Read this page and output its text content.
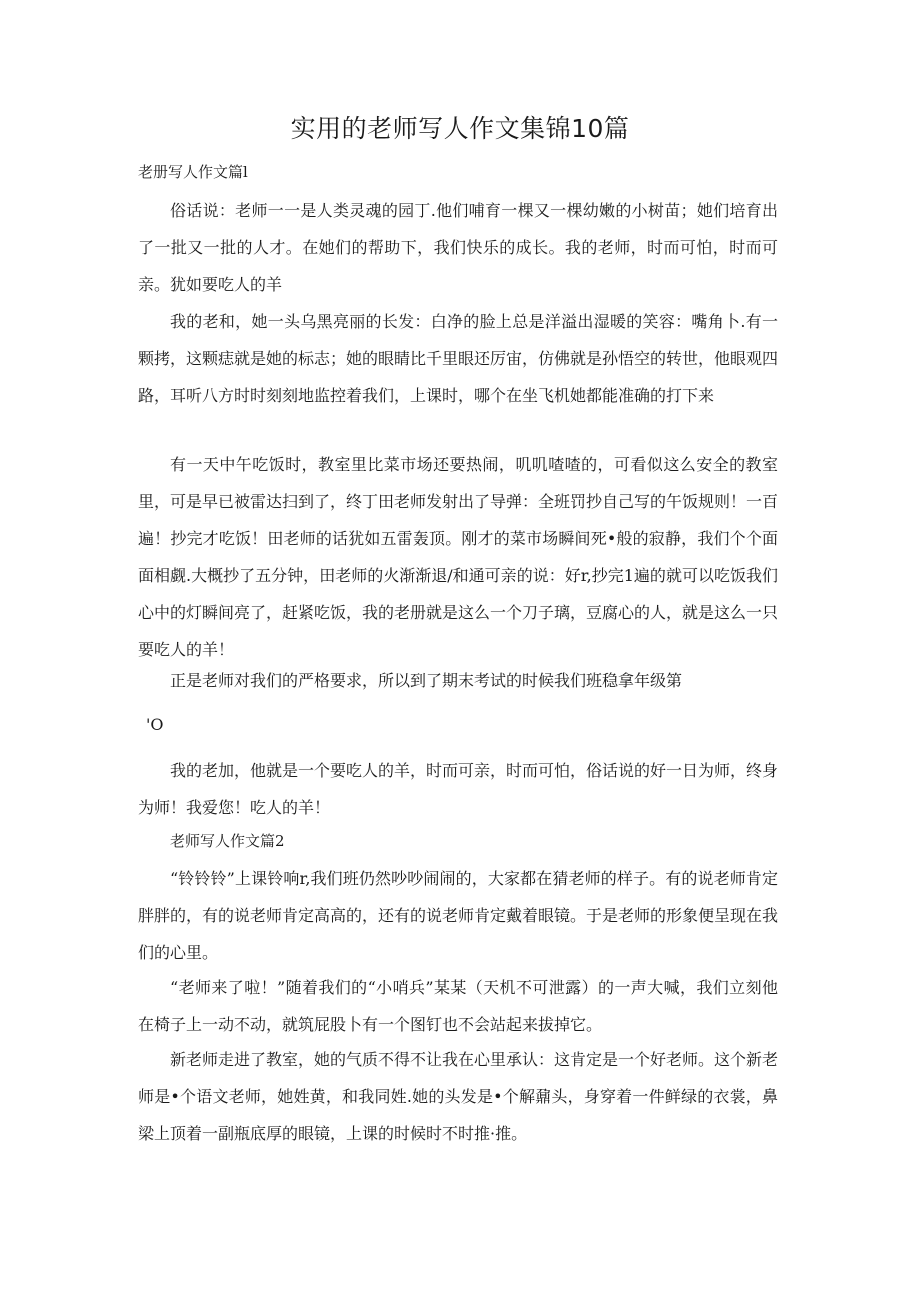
实用的老师写人作文集锦10篇
老册写人作文篇l

俗话说：老师一一是人类灵魂的园丁.他们哺育一棵又一棵幼嫩的小树苗；她们培育出了一批又一批的人才。在她们的帮助下，我们快乐的成长。我的老师，时而可怕，时而可亲。犹如要吃人的羊

我的老和，她一头乌黑亮丽的长发：白净的脸上总是洋溢出湿暖的笑容：嘴角卜.有一颗拷，这颗痣就是她的标志；她的眼睛比千里眼还厉宙，仿佛就是孙悟空的转世，他眼观四路，耳听八方时时刻刻地监控着我们，上课时，哪个在坐飞机她都能准确的打下来

有一天中午吃饭时，教室里比菜市场还要热闹，叽叽喳喳的，可看似这么安全的教室里，可是早已被雷达扫到了，终丁田老师发射出了导弹：全班罚抄自己写的午饭规则！一百遍！抄完才吃饭！田老师的话犹如五雷轰顶。刚才的菜市场瞬间死•般的寂静，我们个个面面相觑.大概抄了五分钟，田老师的火渐渐退/和通可亲的说：好r,抄完1遍的就可以吃饭我们心中的灯瞬间亮了，赶紧吃饭，我的老册就是这么一个刀子璃，豆腐心的人，就是这么一只要吃人的羊！

正是老师对我们的严格要求，所以到了期末考试的时候我们班稳拿年级第

'O

我的老加，他就是一个要吃人的羊，时而可亲，时而可怕，俗话说的好一日为师，终身为师！我爱您！吃人的羊！

老师写人作文篇2

“铃铃铃”上课铃响r,我们班仍然吵吵闹闹的，大家都在猜老师的样子。有的说老师肯定胖胖的，有的说老师肯定高高的，还有的说老师肯定戴着眼镜。于是老师的形象便呈现在我们的心里。

“老师来了啦！”随着我们的“小哨兵”某某（天机不可泄露）的一声大喊，我们立刻他在椅子上一动不动，就筑屁股卜有一个图钉也不会站起来拔掉它。

新老师走进了教室，她的气质不得不让我在心里承认：这肯定是一个好老师。这个新老师是•个语文老师，她姓黄，和我同姓.她的头发是•个解鼐头，身穿着一件鲜绿的衣裳，鼻梁上顶着一副瓶底厚的眼镜，上课的时候时不时推·推。
